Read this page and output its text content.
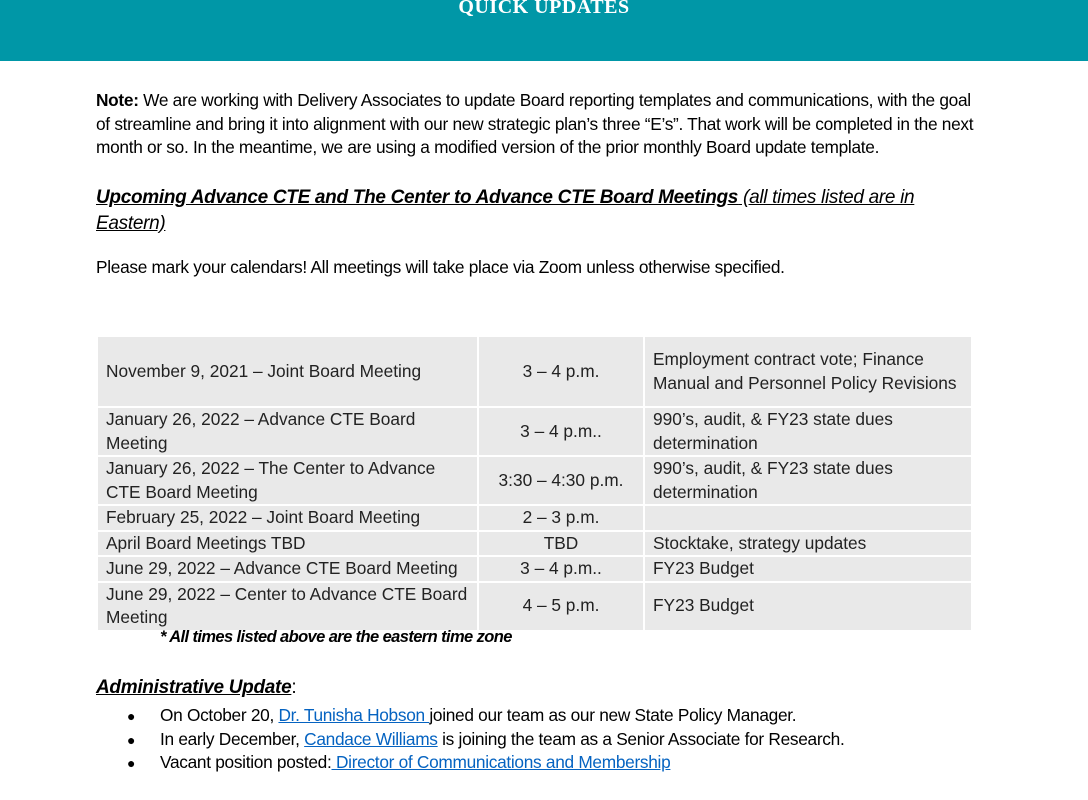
QUICK UPDATES

Note: We are working with Delivery Associates to update Board reporting templates and communications, with the goal of streamline and bring it into alignment with our new strategic plan’s three “E’s”. That work will be completed in the next month or so. In the meantime, we are using a modified version of the prior monthly Board update template.

Upcoming Advance CTE and The Center to Advance CTE Board Meetings (all times listed are in Eastern)

Please mark your calendars! All meetings will take place via Zoom unless otherwise specified.

November 9, 2021 – Joint Board Meeting	3 – 4 p.m.	Employment contract vote; Finance Manual and Personnel Policy Revisions
January 26, 2022 – Advance CTE Board Meeting	3 – 4 p.m..	990’s, audit, & FY23 state dues determination
January 26, 2022 – The Center to Advance CTE Board Meeting	3:30 – 4:30 p.m.	990’s, audit, & FY23 state dues determination
February 25, 2022 – Joint Board Meeting	2 – 3 p.m.	
April Board Meetings TBD	TBD	Stocktake, strategy updates
June 29, 2022 – Advance CTE Board Meeting	3 – 4 p.m..	FY23 Budget
June 29, 2022 – Center to Advance CTE Board Meeting	4 – 5 p.m.	FY23 Budget
* All times listed above are the eastern time zone
Administrative Update:
● On October 20, Dr. Tunisha Hobson joined our team as our new State Policy Manager.
● In early December, Candace Williams is joining the team as a Senior Associate for Research.
● Vacant position posted: Director of Communications and Membership
